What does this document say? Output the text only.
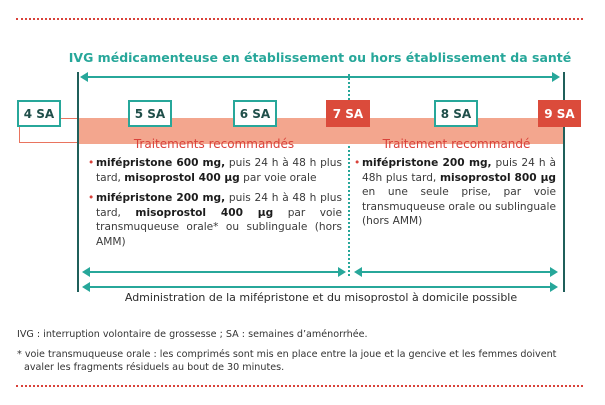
IVG médicamenteuse en établissement ou hors établissement da santé
4 SA	5 SA	6 SA	7 SA	8 SA	9 SA
Traitements recommandés
• mifépristone 600 mg, puis 24 h à 48 h plus tard, misoprostol 400 µg par voie orale
• mifépristone 200 mg, puis 24 h à 48 h plus tard, misoprostol 400 µg par voie transmuqueuse orale* ou sublinguale (hors AMM)
Traitement recommandé
• mifépristone 200 mg, puis 24 h à 48h plus tard, misoprostol 800 µg en une seule prise, par voie transmuqueuse orale ou sublinguale (hors AMM)
Administration de la mifépristone et du misoprostol à domicile possible
IVG : interruption volontaire de grossesse ; SA : semaines d’aménorrhée.
* voie transmuqueuse orale : les comprimés sont mis en place entre la joue et la gencive et les femmes doivent avaler les fragments résiduels au bout de 30 minutes.
